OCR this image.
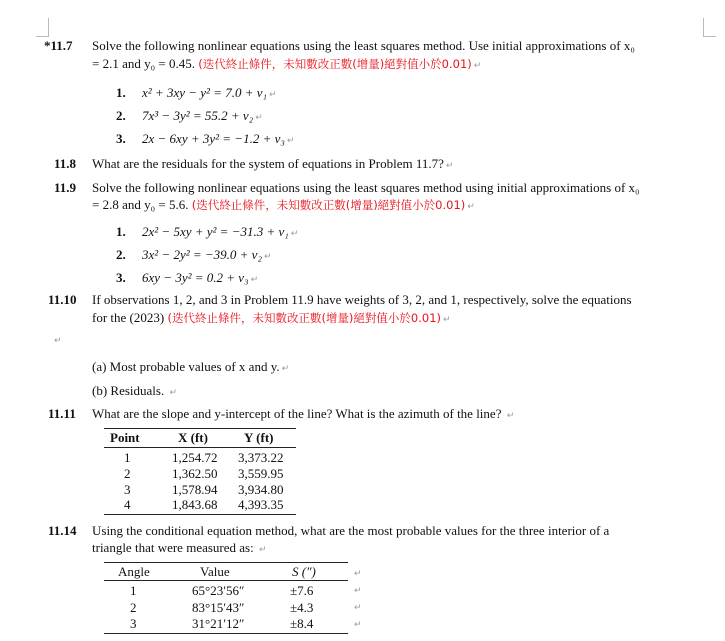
*11.7 Solve the following nonlinear equations using the least squares method. Use initial approximations of x₀
= 2.1 and y₀ = 0.45. (迭代終止條件，未知數改正數(增量)絕對值小於0.01) ↵
1. x² + 3xy − y² = 7.0 + v₁ ↵
2. 7x³ − 3y² = 55.2 + v₂ ↵
3. 2x − 6xy + 3y² = −1.2 + v₃ ↵
11.8 What are the residuals for the system of equations in Problem 11.7? ↵
11.9 Solve the following nonlinear equations using the least squares method using initial approximations of x₀
= 2.8 and y₀ = 5.6. (迭代終止條件，未知數改正數(增量)絕對值小於0.01) ↵
1. 2x² − 5xy + y² = −31.3 + v₁ ↵
2. 3x² − 2y² = −39.0 + v₂ ↵
3. 6xy − 3y² = 0.2 + v₃ ↵
11.10 If observations 1, 2, and 3 in Problem 11.9 have weights of 3, 2, and 1, respectively, solve the equations
for the (2023) (迭代終止條件，未知數改正數(增量)絕對值小於0.01) ↵
↵
(a) Most probable values of x and y. ↵
(b) Residuals. ↵
11.11 What are the slope and y-intercept of the line? What is the azimuth of the line? ↵
Point	X (ft)	Y (ft)
1	1,254.72 3,373.22
2	1,362.50 3,559.95
3	1,578.94 3,934.80
4	1,843.68 4,393.35
11.14 Using the conditional equation method, what are the most probable values for the three interior of a
triangle that were measured as: ↵
Angle	Value	S (″)
1	65°23′56″	±7.6
2	83°15′43″	±4.3
3	31°21′12″	±8.4
↵
↵
↵
↵
